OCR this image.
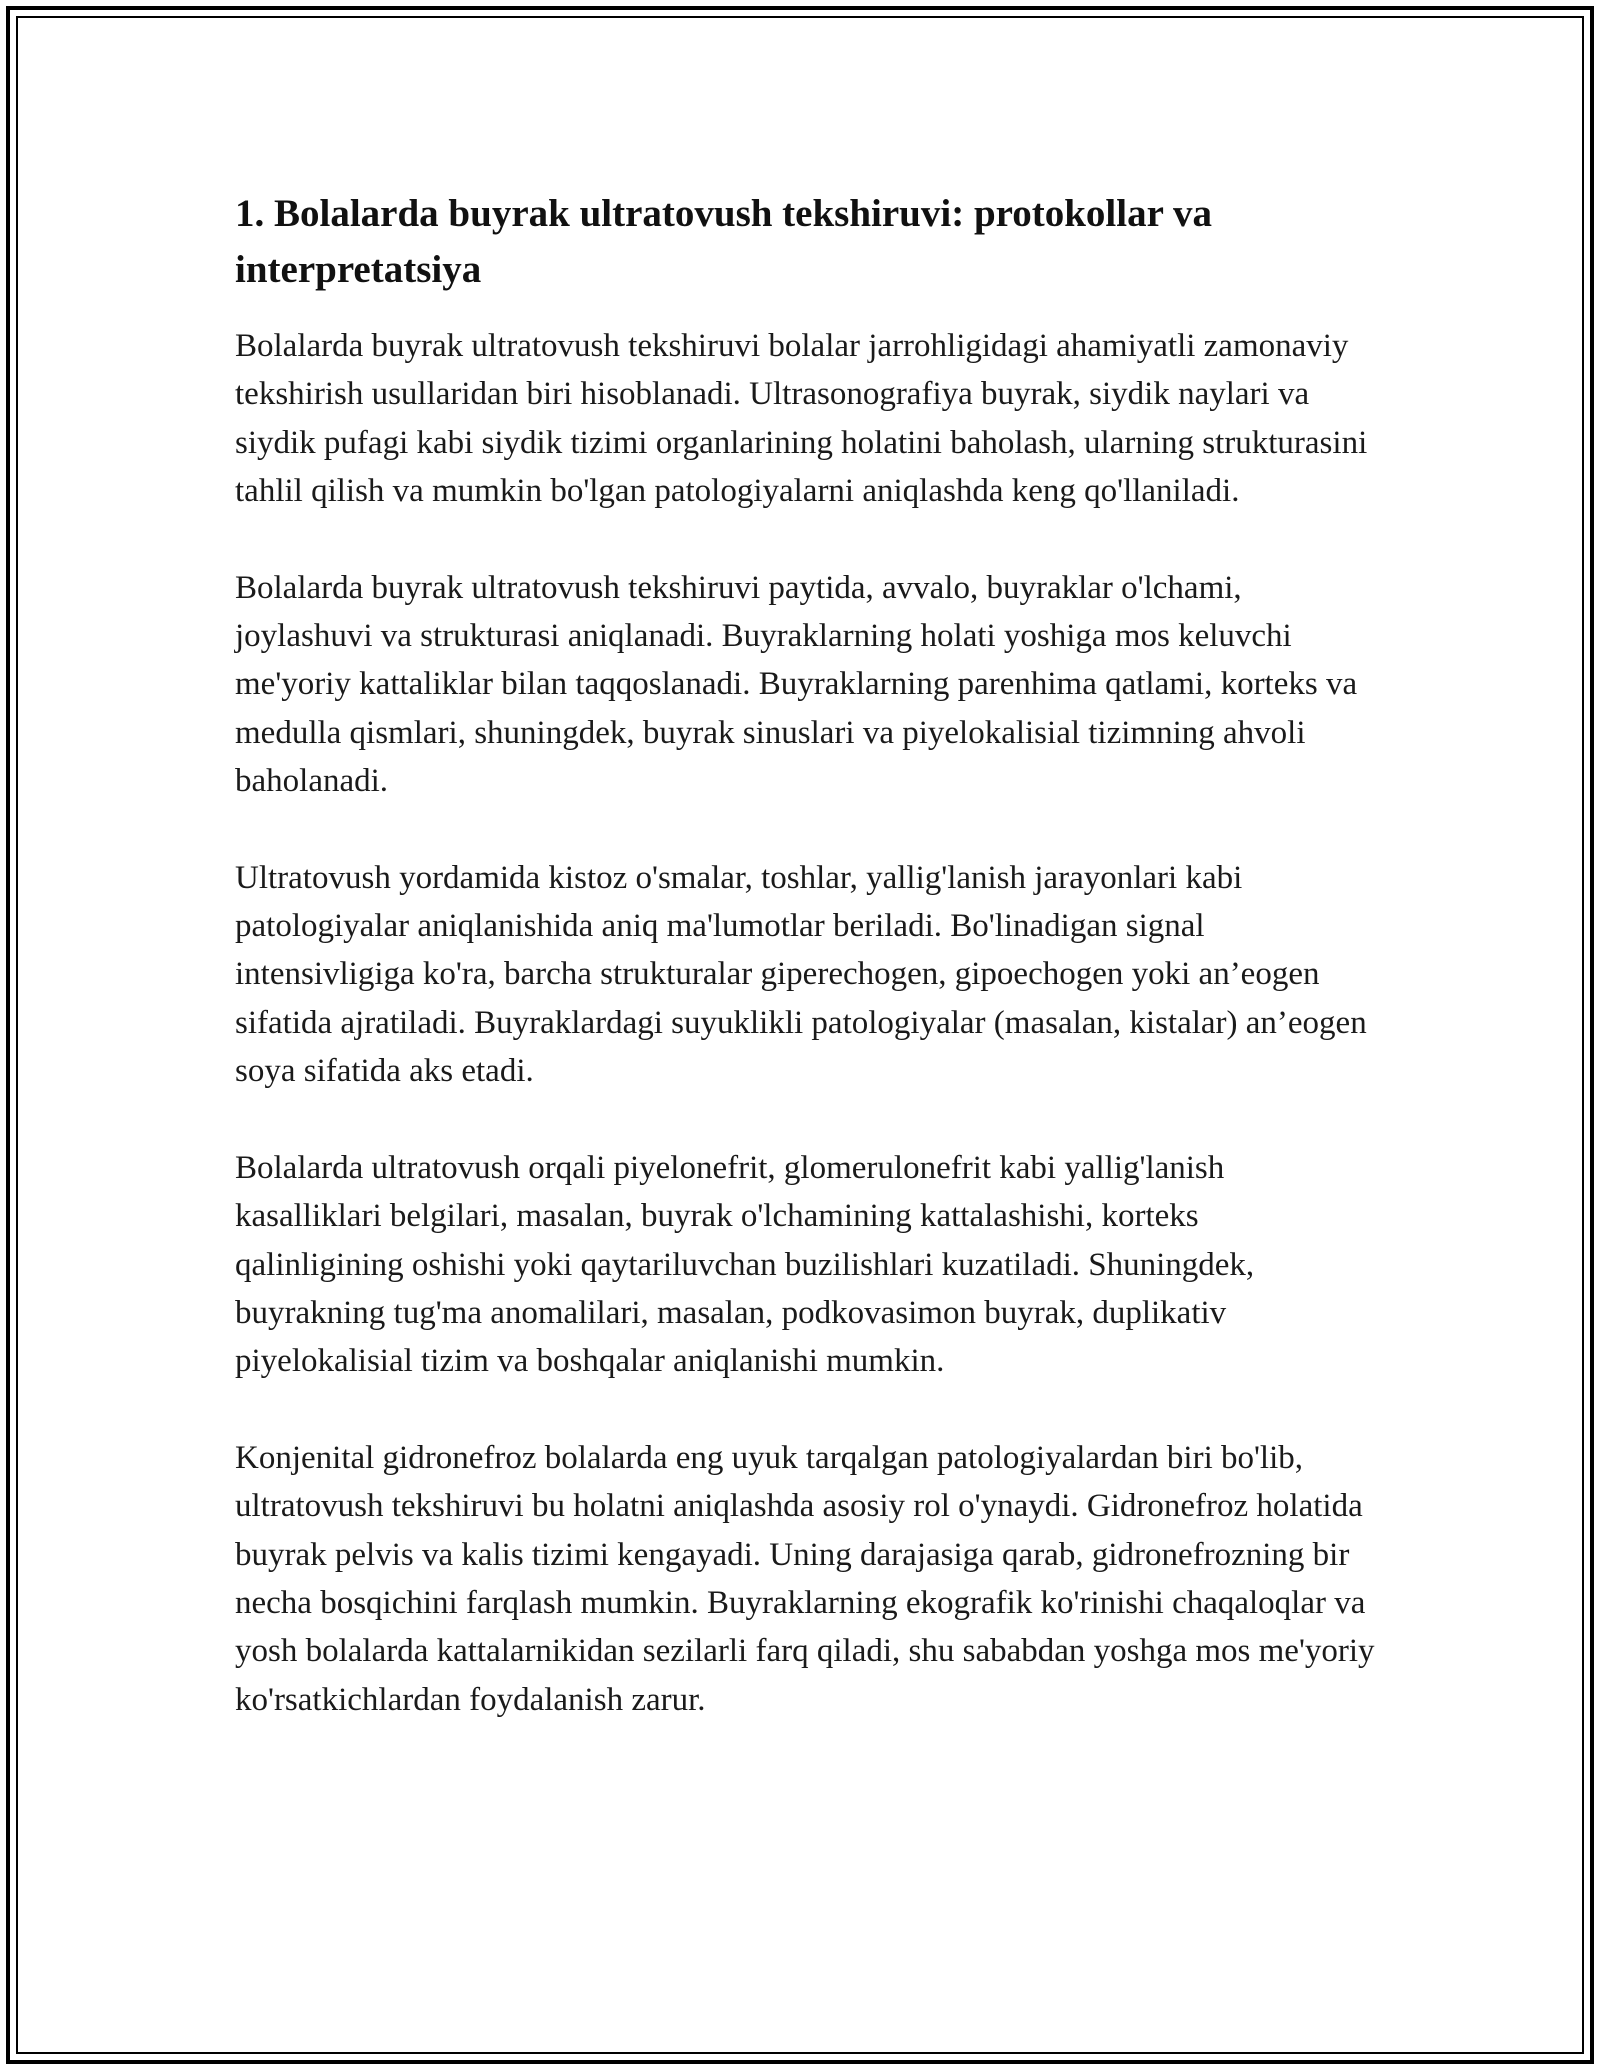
1. Bolalarda buyrak ultratovush tekshiruvi: protokollar va interpretatsiya

Bolalarda buyrak ultratovush tekshiruvi bolalar jarrohligidagi ahamiyatli zamonaviy tekshirish usullaridan biri hisoblanadi. Ultrasonografiya buyrak, siydik naylari va siydik pufagi kabi siydik tizimi organlarining holatini baholash, ularning strukturasini tahlil qilish va mumkin bo'lgan patologiyalarni aniqlashda keng qo'llaniladi.

Bolalarda buyrak ultratovush tekshiruvi paytida, avvalo, buyraklar o'lchami, joylashuvi va strukturasi aniqlanadi. Buyraklarning holati yoshiga mos keluvchi me'yoriy kattaliklar bilan taqqoslanadi. Buyraklarning parenhima qatlami, korteks va medulla qismlari, shuningdek, buyrak sinuslari va piyelokalisial tizimning ahvoli baholanadi.

Ultratovush yordamida kistoz o'smalar, toshlar, yallig'lanish jarayonlari kabi patologiyalar aniqlanishida aniq ma'lumotlar beriladi. Bo'linadigan signal intensivligiga ko'ra, barcha strukturalar giperechogen, gipoechogen yoki an’eogen sifatida ajratiladi. Buyraklardagi suyuklikli patologiyalar (masalan, kistalar) an’eogen soya sifatida aks etadi.

Bolalarda ultratovush orqali piyelonefrit, glomerulonefrit kabi yallig'lanish kasalliklari belgilari, masalan, buyrak o'lchamining kattalashishi, korteks qalinligining oshishi yoki qaytariluvchan buzilishlari kuzatiladi. Shuningdek, buyrakning tug'ma anomalilari, masalan, podkovasimon buyrak, duplikativ piyelokalisial tizim va boshqalar aniqlanishi mumkin.

Konjenital gidronefroz bolalarda eng uyuk tarqalgan patologiyalardan biri bo'lib, ultratovush tekshiruvi bu holatni aniqlashda asosiy rol o'ynaydi. Gidronefroz holatida buyrak pelvis va kalis tizimi kengayadi. Uning darajasiga qarab, gidronefrozning bir necha bosqichini farqlash mumkin. Buyraklarning ekografik ko'rinishi chaqaloqlar va yosh bolalarda kattalarnikidan sezilarli farq qiladi, shu sababdan yoshga mos me'yoriy ko'rsatkichlardan foydalanish zarur.
